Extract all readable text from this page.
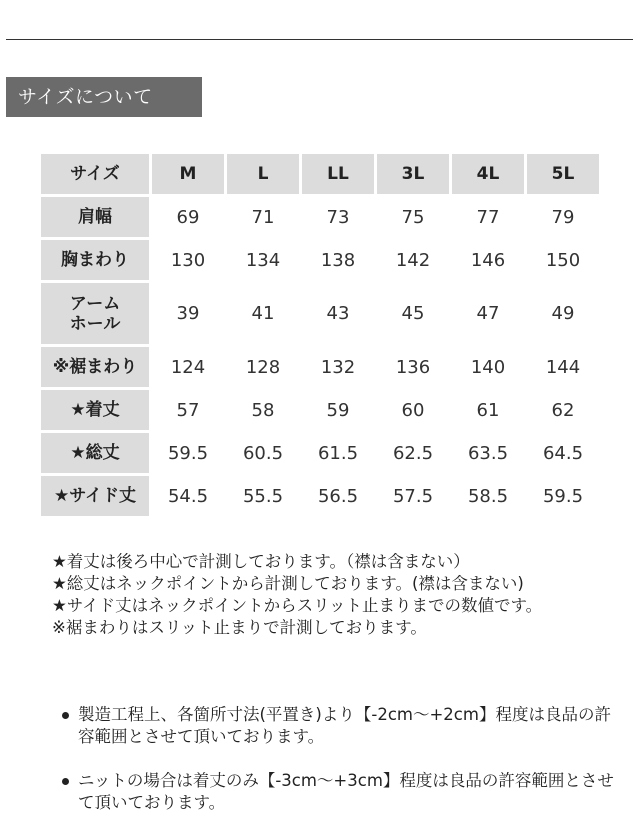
サイズについて
サイズ	M	L	LL	3L	4L	5L
肩幅	69	71	73	75	77	79
胸まわり	130	134	138	142	146	150
アーム
ホール	39	41	43	45	47	49
※裾まわり	124	128	132	136	140	144
★着丈	57	58	59	60	61	62
★総丈	59.5	60.5	61.5	62.5	63.5	64.5
★サイド丈	54.5	55.5	56.5	57.5	58.5	59.5

★着丈は後ろ中心で計測しております。（襟は含まない）

★総丈はネックポイントから計測しております。(襟は含まない)

★サイド丈はネックポイントからスリット止まりまでの数値です。

※裾まわりはスリット止まりで計測しております。

製造工程上、各箇所寸法(平置き)より【-2cm～+2cm】程度は良品の許容範囲とさせて頂いております。
ニットの場合は着丈のみ【-3cm～+3cm】程度は良品の許容範囲とさせて頂いております。
